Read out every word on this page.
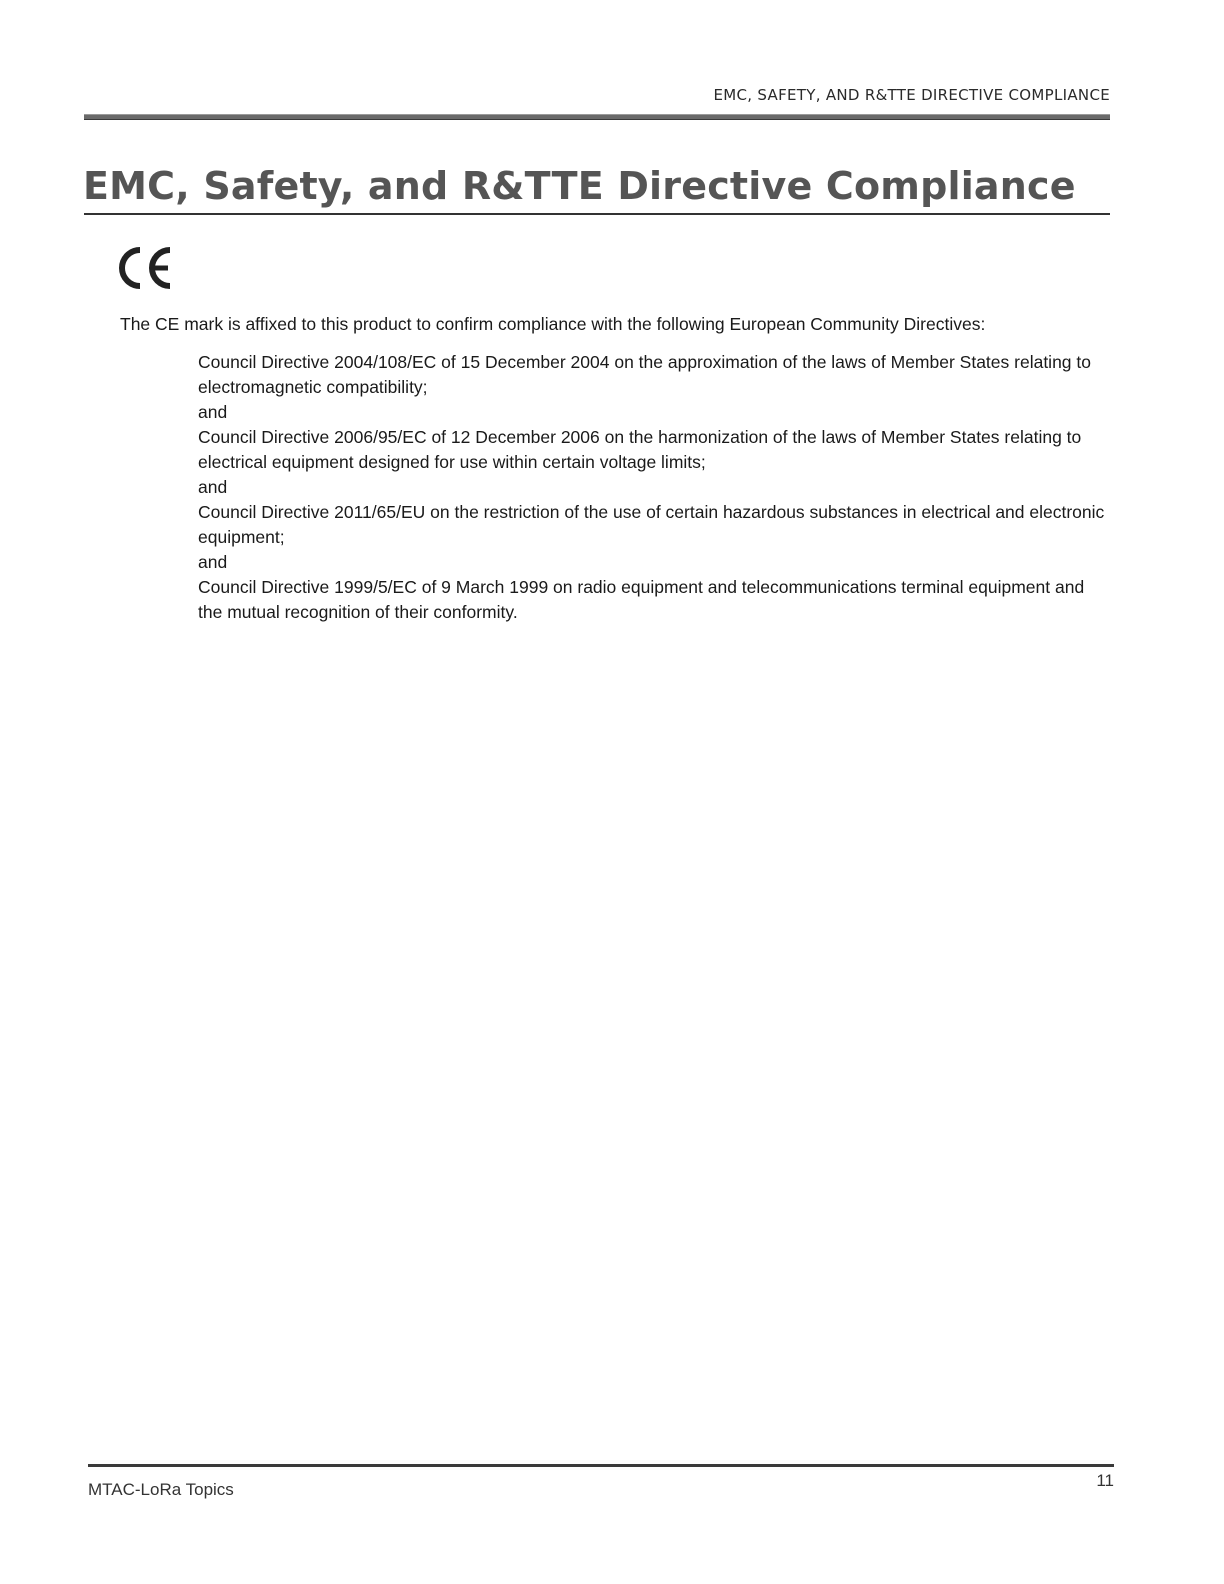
EMC, SAFETY, AND R&TTE DIRECTIVE COMPLIANCE
EMC, Safety, and R&TTE Directive Compliance
The CE mark is affixed to this product to confirm compliance with the following European Community Directives:

Council Directive 2004/108/EC of 15 December 2004 on the approximation of the laws of Member States relating to electromagnetic compatibility;

and

Council Directive 2006/95/EC of 12 December 2006 on the harmonization of the laws of Member States relating to electrical equipment designed for use within certain voltage limits;

and

Council Directive 2011/65/EU on the restriction of the use of certain hazardous substances in electrical and electronic equipment;

and

Council Directive 1999/5/EC of 9 March 1999 on radio equipment and telecommunications terminal equipment and the mutual recognition of their conformity.

MTAC-LoRa Topics	11
